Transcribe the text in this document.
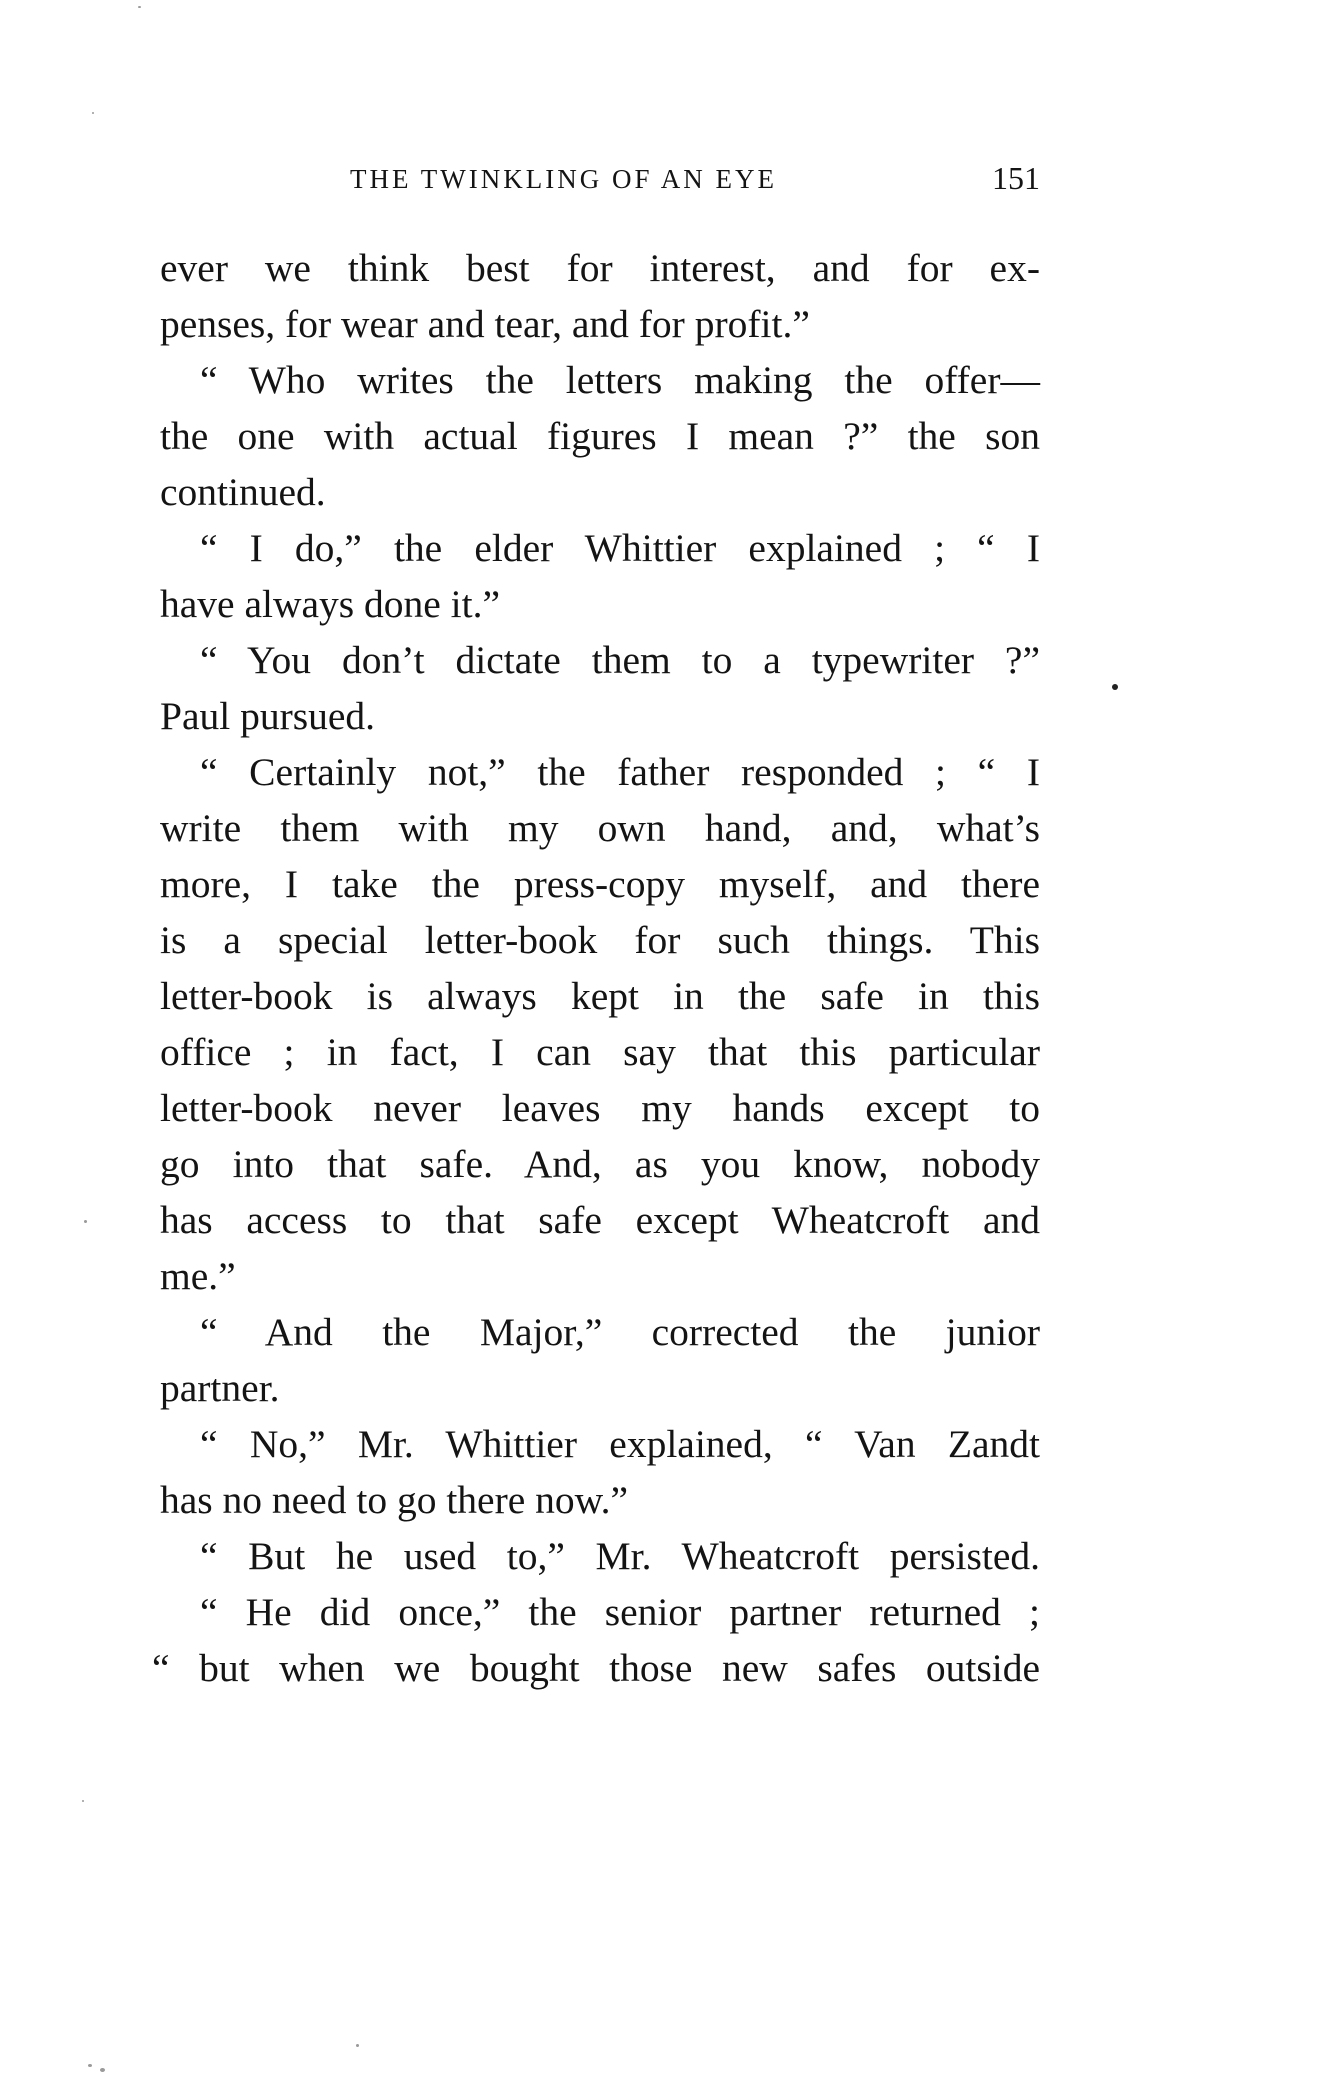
THE TWINKLING OF AN EYE	151
ever we think best for interest, and for ex-
penses, for wear and tear, and for profit.”
“ Who writes the letters making the offer—
the one with actual figures I mean ?” the son
continued.
“ I do,” the elder Whittier explained ; “ I
have always done it.”
“ You don’t dictate them to a typewriter ?”
Paul pursued.
“ Certainly not,” the father responded ; “ I
write them with my own hand, and, what’s
more, I take the press-copy myself, and there
is a special letter-book for such things. This
letter-book is always kept in the safe in this
office ; in fact, I can say that this particular
letter-book never leaves my hands except to
go into that safe. And, as you know, nobody
has access to that safe except Wheatcroft and
me.”
“ And the Major,” corrected the junior
partner.
“ No,” Mr. Whittier explained, “ Van Zandt
has no need to go there now.”
“ But he used to,” Mr. Wheatcroft persisted.
“ He did once,” the senior partner returned ;
“ but when we bought those new safes outside
